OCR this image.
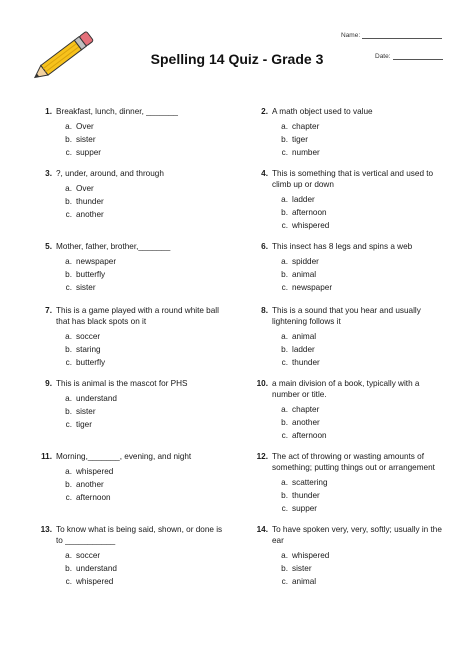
Name:
Date:
Spelling 14 Quiz - Grade 3
1. Breakfast, lunch, dinner, _______
a. Over
b. sister
c. supper
2. A math object used to value
a. chapter
b. tiger
c. number
3. ?, under, around, and through
a. Over
b. thunder
c. another
4. This is something that is vertical and used to climb up or down
a. ladder
b. afternoon
c. whispered
5. Mother, father, brother,_______
a. newspaper
b. butterfly
c. sister
6. This insect has 8 legs and spins a web
a. spidder
b. animal
c. newspaper
7. This is a game played with a round white ball that has black spots on it
a. soccer
b. staring
c. butterfly
8. This is a sound that you hear and usually lightening follows it
a. animal
b. ladder
c. thunder
9. This is animal is the mascot for PHS
a. understand
b. sister
c. tiger
10. a main division of a book, typically with a number or title.
a. chapter
b. another
c. afternoon
11. Morning,_______, evening, and night
a. whispered
b. another
c. afternoon
12. The act of throwing or wasting amounts of something; putting things out or arrangement
a. scattering
b. thunder
c. supper
13. To know what is being said, shown, or done is to ___________
a. soccer
b. understand
c. whispered
14. To have spoken very, very, softly; usually in the ear
a. whispered
b. sister
c. animal
